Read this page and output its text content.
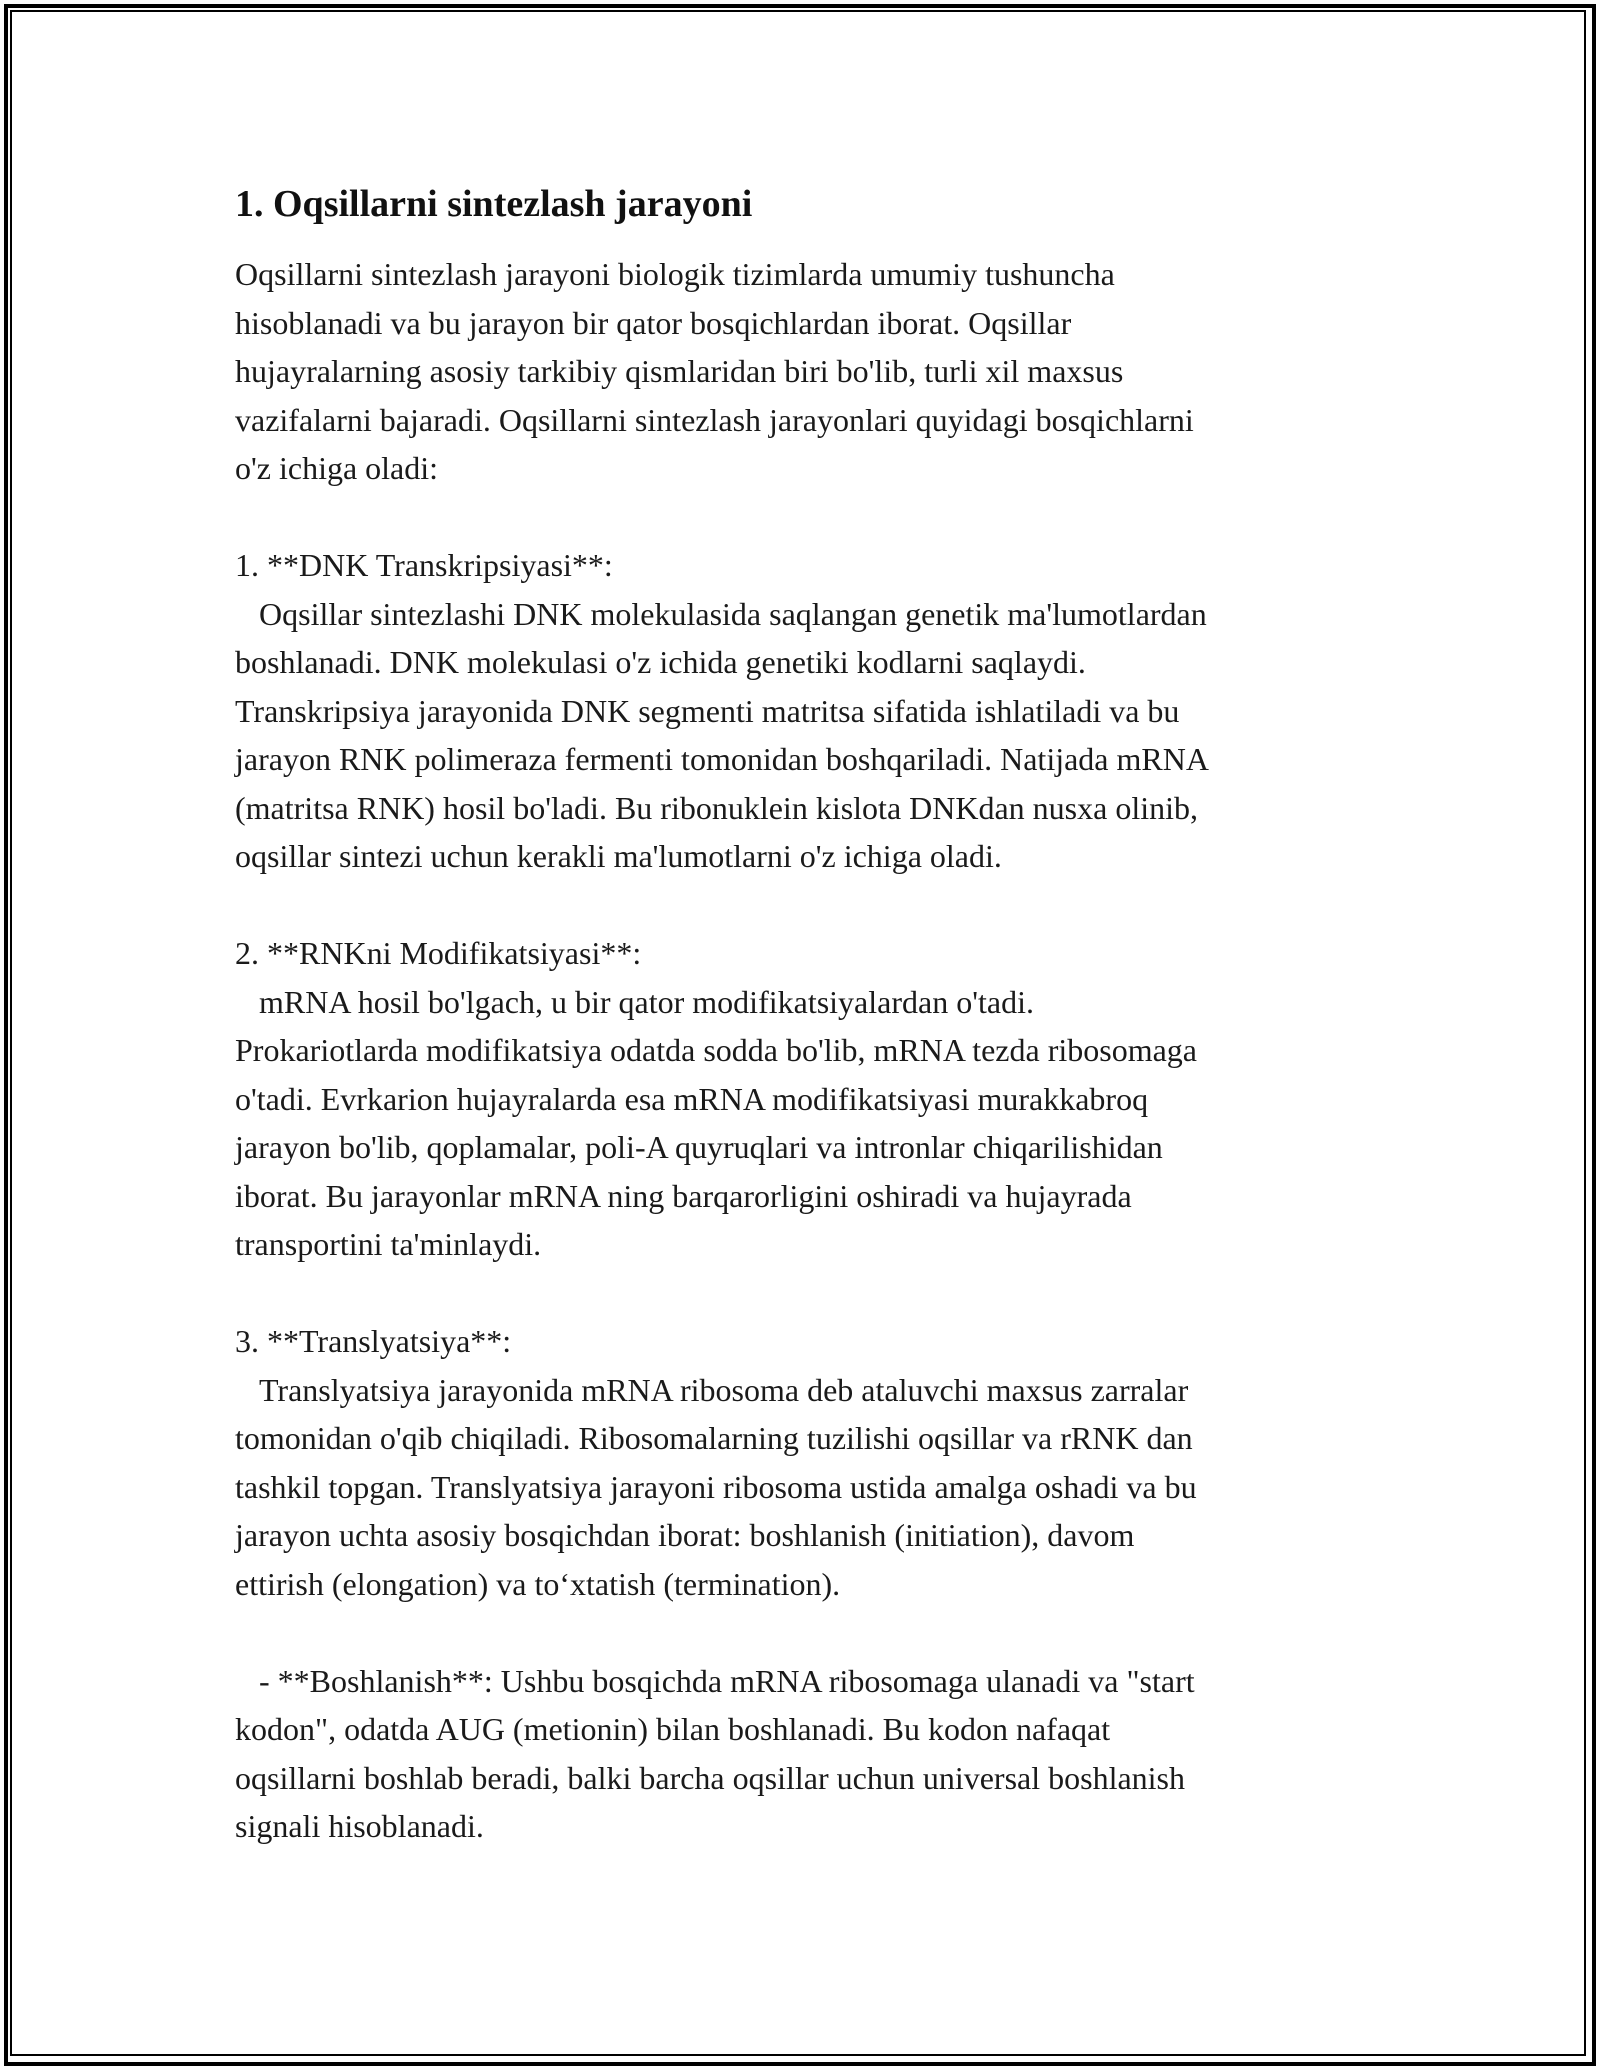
1. Oqsillarni sintezlash jarayoni

Oqsillarni sintezlash jarayoni biologik tizimlarda umumiy tushuncha
hisoblanadi va bu jarayon bir qator bosqichlardan iborat. Oqsillar
hujayralarning asosiy tarkibiy qismlaridan biri bo'lib, turli xil maxsus
vazifalarni bajaradi. Oqsillarni sintezlash jarayonlari quyidagi bosqichlarni
o'z ichiga oladi:

1. **DNK Transkripsiyasi**:

Oqsillar sintezlashi DNK molekulasida saqlangan genetik ma'lumotlardan
boshlanadi. DNK molekulasi o'z ichida genetiki kodlarni saqlaydi.
Transkripsiya jarayonida DNK segmenti matritsa sifatida ishlatiladi va bu
jarayon RNK polimeraza fermenti tomonidan boshqariladi. Natijada mRNA
(matritsa RNK) hosil bo'ladi. Bu ribonuklein kislota DNKdan nusxa olinib,
oqsillar sintezi uchun kerakli ma'lumotlarni o'z ichiga oladi.

2. **RNKni Modifikatsiyasi**:

mRNA hosil bo'lgach, u bir qator modifikatsiyalardan o'tadi.
Prokariotlarda modifikatsiya odatda sodda bo'lib, mRNA tezda ribosomaga
o'tadi. Evrkarion hujayralarda esa mRNA modifikatsiyasi murakkabroq
jarayon bo'lib, qoplamalar, poli-A quyruqlari va intronlar chiqarilishidan
iborat. Bu jarayonlar mRNA ning barqarorligini oshiradi va hujayrada
transportini ta'minlaydi.

3. **Translyatsiya**:

Translyatsiya jarayonida mRNA ribosoma deb ataluvchi maxsus zarralar
tomonidan o'qib chiqiladi. Ribosomalarning tuzilishi oqsillar va rRNK dan
tashkil topgan. Translyatsiya jarayoni ribosoma ustida amalga oshadi va bu
jarayon uchta asosiy bosqichdan iborat: boshlanish (initiation), davom
ettirish (elongation) va to‘xtatish (termination).

- **Boshlanish**: Ushbu bosqichda mRNA ribosomaga ulanadi va "start
kodon", odatda AUG (metionin) bilan boshlanadi. Bu kodon nafaqat
oqsillarni boshlab beradi, balki barcha oqsillar uchun universal boshlanish
signali hisoblanadi.
